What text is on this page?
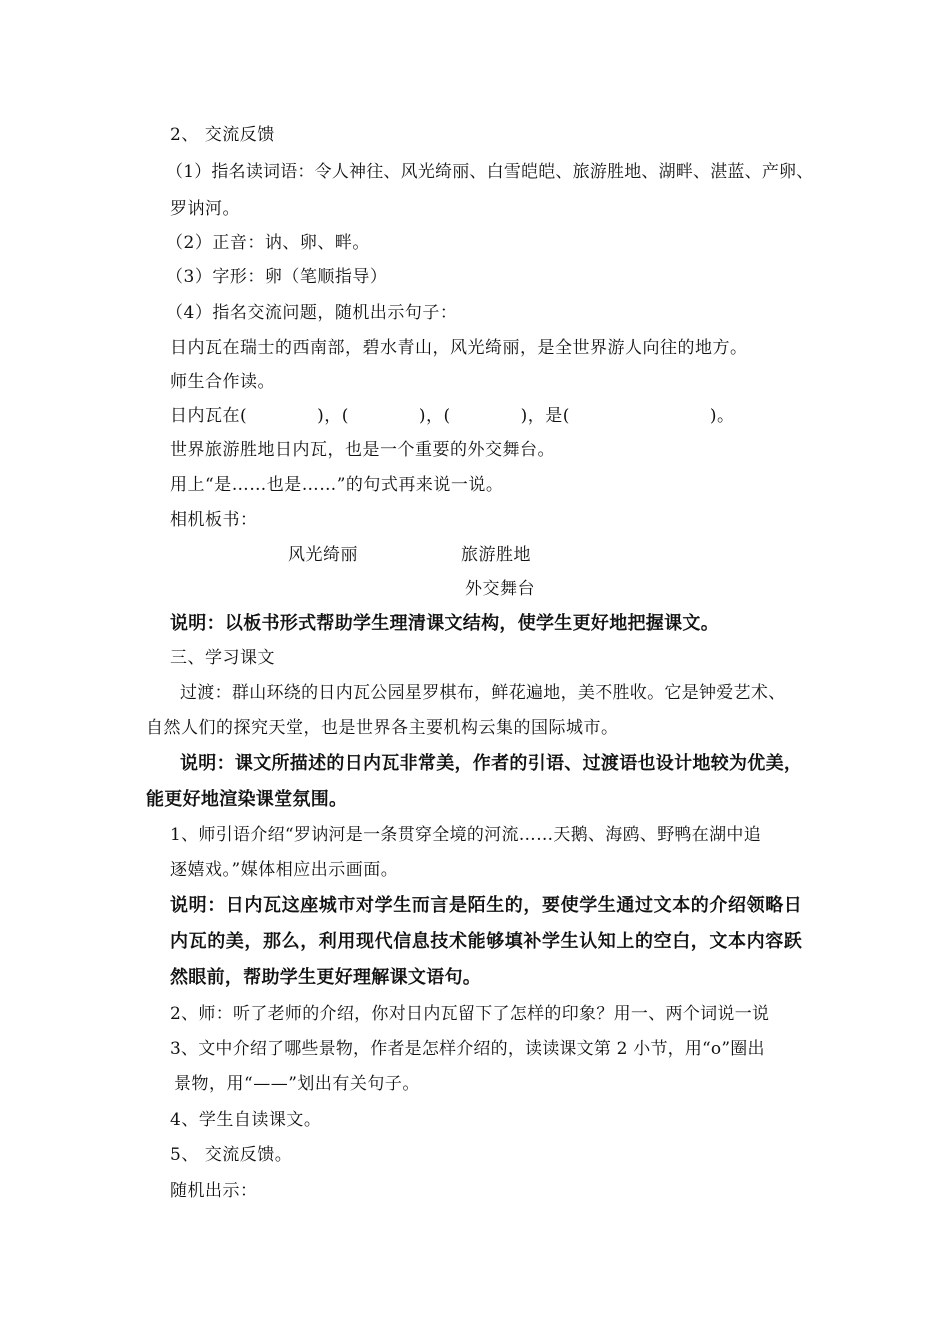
2、 交流反馈

（1）指名读词语：令人神往、风光绮丽、白雪皑皑、旅游胜地、湖畔、湛蓝、产卵、

罗讷河。

（2）正音：讷、卵、畔。

（3）字形：卵（笔顺指导）

（4）指名交流问题，随机出示句子：

日内瓦在瑞士的西南部，碧水青山，风光绮丽，是全世界游人向往的地方。

师生合作读。

日内瓦在(　　　　)，(　　　　)，(　　　　)，是(　　　　　　　　)。

世界旅游胜地日内瓦，也是一个重要的外交舞台。

用上“是……也是……”的句式再来说一说。

相机板书：

风光绮丽	旅游胜地

外交舞台

说明：以板书形式帮助学生理清课文结构，使学生更好地把握课文。

三、学习课文

过渡：群山环绕的日内瓦公园星罗棋布，鲜花遍地，美不胜收。它是钟爱艺术、

自然人们的探究天堂，也是世界各主要机构云集的国际城市。

说明：课文所描述的日内瓦非常美，作者的引语、过渡语也设计地较为优美，

能更好地渲染课堂氛围。

1、师引语介绍“罗讷河是一条贯穿全境的河流……天鹅、海鸥、野鸭在湖中追

逐嬉戏。”媒体相应出示画面。

说明：日内瓦这座城市对学生而言是陌生的，要使学生通过文本的介绍领略日

内瓦的美，那么，利用现代信息技术能够填补学生认知上的空白，文本内容跃

然眼前，帮助学生更好理解课文语句。

2、师：听了老师的介绍，你对日内瓦留下了怎样的印象？用一、两个词说一说

3、文中介绍了哪些景物，作者是怎样介绍的，读读课文第 2 小节，用“o”圈出

景物，用“——”划出有关句子。

4、学生自读课文。

5、 交流反馈。

随机出示：
